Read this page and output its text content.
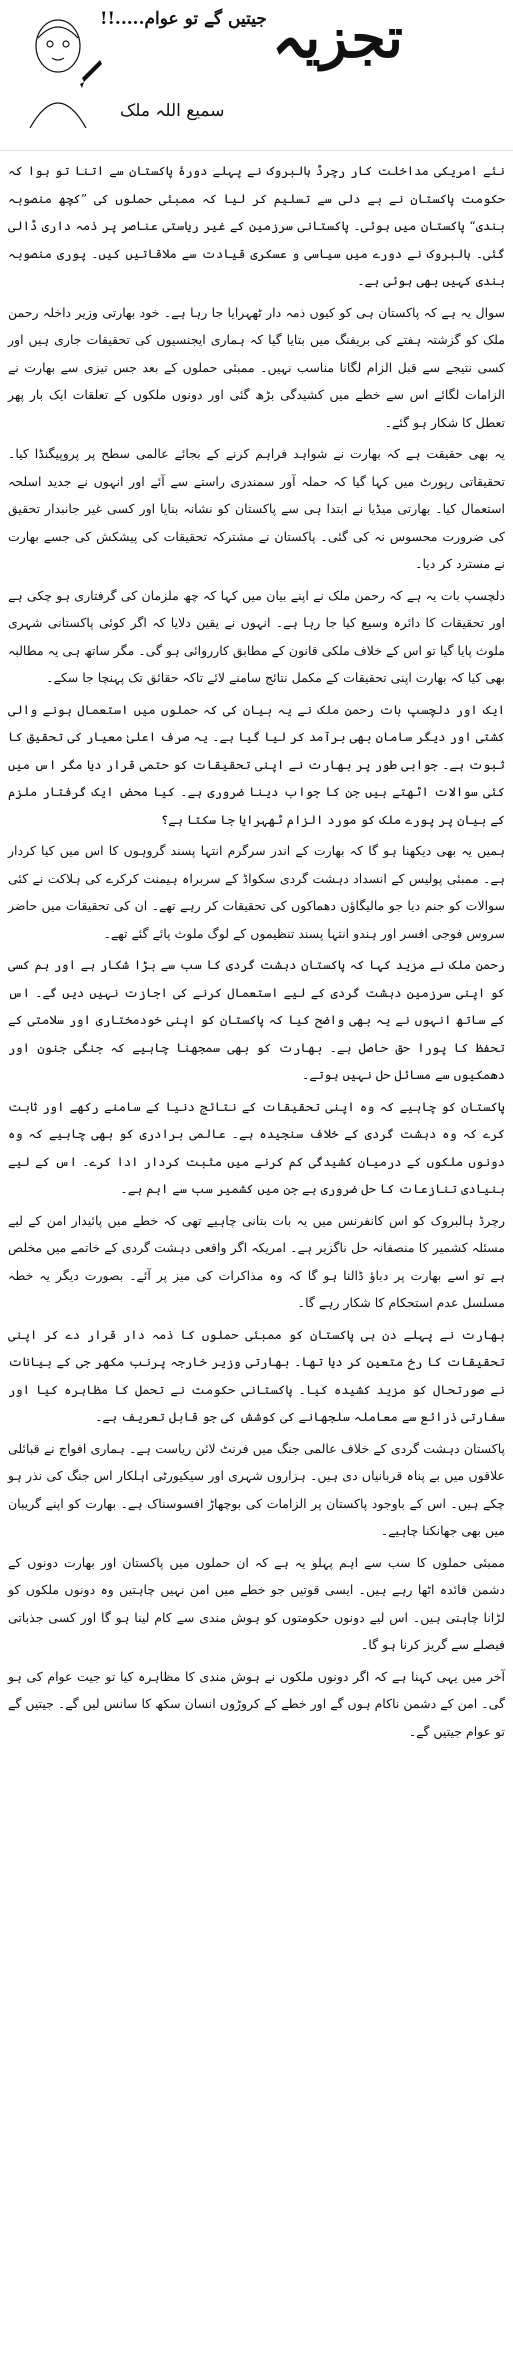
جیتیں گے تو عوام.....!! تجزیہ
سمیع اللہ ملک

نئے امریکی مداخلت کار رچرڈ ہالبروک نے پہلے دورۂ پاکستان سے اتنا تو ہوا کہ حکومت پاکستان نے بے دلی سے تسلیم کر لیا کہ ممبئی حملوں کی ”کچھ منصوبہ بندی“ پاکستان میں ہوئی۔ پاکستانی سرزمین کے غیر ریاستی عناصر پر ذمہ داری ڈالی گئی۔ ہالبروک نے دورے میں سیاسی و عسکری قیادت سے ملاقاتیں کیں۔ پوری منصوبہ بندی کہیں بھی ہوئی ہے۔

سوال یہ ہے کہ پاکستان ہی کو کیوں ذمہ دار ٹھہرایا جا رہا ہے۔ خود بھارتی وزیر داخلہ رحمن ملک کو گزشتہ ہفتے کی بریفنگ میں بتایا گیا کہ ہماری ایجنسیوں کی تحقیقات جاری ہیں اور کسی نتیجے سے قبل الزام لگانا مناسب نہیں۔ ممبئی حملوں کے بعد جس تیزی سے بھارت نے الزامات لگائے اس سے خطے میں کشیدگی بڑھ گئی اور دونوں ملکوں کے تعلقات ایک بار پھر تعطل کا شکار ہو گئے۔

یہ بھی حقیقت ہے کہ بھارت نے شواہد فراہم کرنے کے بجائے عالمی سطح پر پروپیگنڈا کیا۔ تحقیقاتی رپورٹ میں کہا گیا کہ حملہ آور سمندری راستے سے آئے اور انہوں نے جدید اسلحہ استعمال کیا۔ بھارتی میڈیا نے ابتدا ہی سے پاکستان کو نشانہ بنایا اور کسی غیر جانبدار تحقیق کی ضرورت محسوس نہ کی گئی۔ پاکستان نے مشترکہ تحقیقات کی پیشکش کی جسے بھارت نے مسترد کر دیا۔

دلچسپ بات یہ ہے کہ رحمن ملک نے اپنے بیان میں کہا کہ چھ ملزمان کی گرفتاری ہو چکی ہے اور تحقیقات کا دائرہ وسیع کیا جا رہا ہے۔ انہوں نے یقین دلایا کہ اگر کوئی پاکستانی شہری ملوث پایا گیا تو اس کے خلاف ملکی قانون کے مطابق کارروائی ہو گی۔ مگر ساتھ ہی یہ مطالبہ بھی کیا کہ بھارت اپنی تحقیقات کے مکمل نتائج سامنے لائے تاکہ حقائق تک پہنچا جا سکے۔

ایک اور دلچسپ بات رحمن ملک نے یہ بیان کی کہ حملوں میں استعمال ہونے والی کشتی اور دیگر سامان بھی برآمد کر لیا گیا ہے۔ یہ صرف اعلیٰ معیار کی تحقیق کا ثبوت ہے۔ جوابی طور پر بھارت نے اپنی تحقیقات کو حتمی قرار دیا مگر اس میں کئی سوالات اٹھتے ہیں جن کا جواب دینا ضروری ہے۔ کیا محض ایک گرفتار ملزم کے بیان پر پورے ملک کو مورد الزام ٹھہرایا جا سکتا ہے؟

ہمیں یہ بھی دیکھنا ہو گا کہ بھارت کے اندر سرگرم انتہا پسند گروہوں کا اس میں کیا کردار ہے۔ ممبئی پولیس کے انسداد دہشت گردی سکواڈ کے سربراہ ہیمنت کرکرے کی ہلاکت نے کئی سوالات کو جنم دیا جو مالیگاؤں دھماکوں کی تحقیقات کر رہے تھے۔ ان کی تحقیقات میں حاضر سروس فوجی افسر اور ہندو انتہا پسند تنظیموں کے لوگ ملوث پائے گئے تھے۔

رحمن ملک نے مزید کہا کہ پاکستان دہشت گردی کا سب سے بڑا شکار ہے اور ہم کسی کو اپنی سرزمین دہشت گردی کے لیے استعمال کرنے کی اجازت نہیں دیں گے۔ اس کے ساتھ انہوں نے یہ بھی واضح کیا کہ پاکستان کو اپنی خودمختاری اور سلامتی کے تحفظ کا پورا حق حاصل ہے۔ بھارت کو بھی سمجھنا چاہیے کہ جنگی جنون اور دھمکیوں سے مسائل حل نہیں ہوتے۔

پاکستان کو چاہیے کہ وہ اپنی تحقیقات کے نتائج دنیا کے سامنے رکھے اور ثابت کرے کہ وہ دہشت گردی کے خلاف سنجیدہ ہے۔ عالمی برادری کو بھی چاہیے کہ وہ دونوں ملکوں کے درمیان کشیدگی کم کرنے میں مثبت کردار ادا کرے۔ اس کے لیے بنیادی تنازعات کا حل ضروری ہے جن میں کشمیر سب سے اہم ہے۔

رچرڈ ہالبروک کو اس کانفرنس میں یہ بات بتانی چاہیے تھی کہ خطے میں پائیدار امن کے لیے مسئلہ کشمیر کا منصفانہ حل ناگزیر ہے۔ امریکہ اگر واقعی دہشت گردی کے خاتمے میں مخلص ہے تو اسے بھارت پر دباؤ ڈالنا ہو گا کہ وہ مذاکرات کی میز پر آئے۔ بصورت دیگر یہ خطہ مسلسل عدم استحکام کا شکار رہے گا۔

بھارت نے پہلے دن ہی پاکستان کو ممبئی حملوں کا ذمہ دار قرار دے کر اپنی تحقیقات کا رخ متعین کر دیا تھا۔ بھارتی وزیر خارجہ پرنب مکھر جی کے بیانات نے صورتحال کو مزید کشیدہ کیا۔ پاکستانی حکومت نے تحمل کا مظاہرہ کیا اور سفارتی ذرائع سے معاملہ سلجھانے کی کوشش کی جو قابل تعریف ہے۔

پاکستان دہشت گردی کے خلاف عالمی جنگ میں فرنٹ لائن ریاست ہے۔ ہماری افواج نے قبائلی علاقوں میں بے پناہ قربانیاں دی ہیں۔ ہزاروں شہری اور سیکیورٹی اہلکار اس جنگ کی نذر ہو چکے ہیں۔ اس کے باوجود پاکستان پر الزامات کی بوچھاڑ افسوسناک ہے۔ بھارت کو اپنے گریبان میں بھی جھانکنا چاہیے۔

ممبئی حملوں کا سب سے اہم پہلو یہ ہے کہ ان حملوں میں پاکستان اور بھارت دونوں کے دشمن فائدہ اٹھا رہے ہیں۔ ایسی قوتیں جو خطے میں امن نہیں چاہتیں وہ دونوں ملکوں کو لڑانا چاہتی ہیں۔ اس لیے دونوں حکومتوں کو ہوش مندی سے کام لینا ہو گا اور کسی جذباتی فیصلے سے گریز کرنا ہو گا۔

آخر میں یہی کہنا ہے کہ اگر دونوں ملکوں نے ہوش مندی کا مظاہرہ کیا تو جیت عوام کی ہو گی۔ امن کے دشمن ناکام ہوں گے اور خطے کے کروڑوں انسان سکھ کا سانس لیں گے۔ جیتیں گے تو عوام جیتیں گے۔
